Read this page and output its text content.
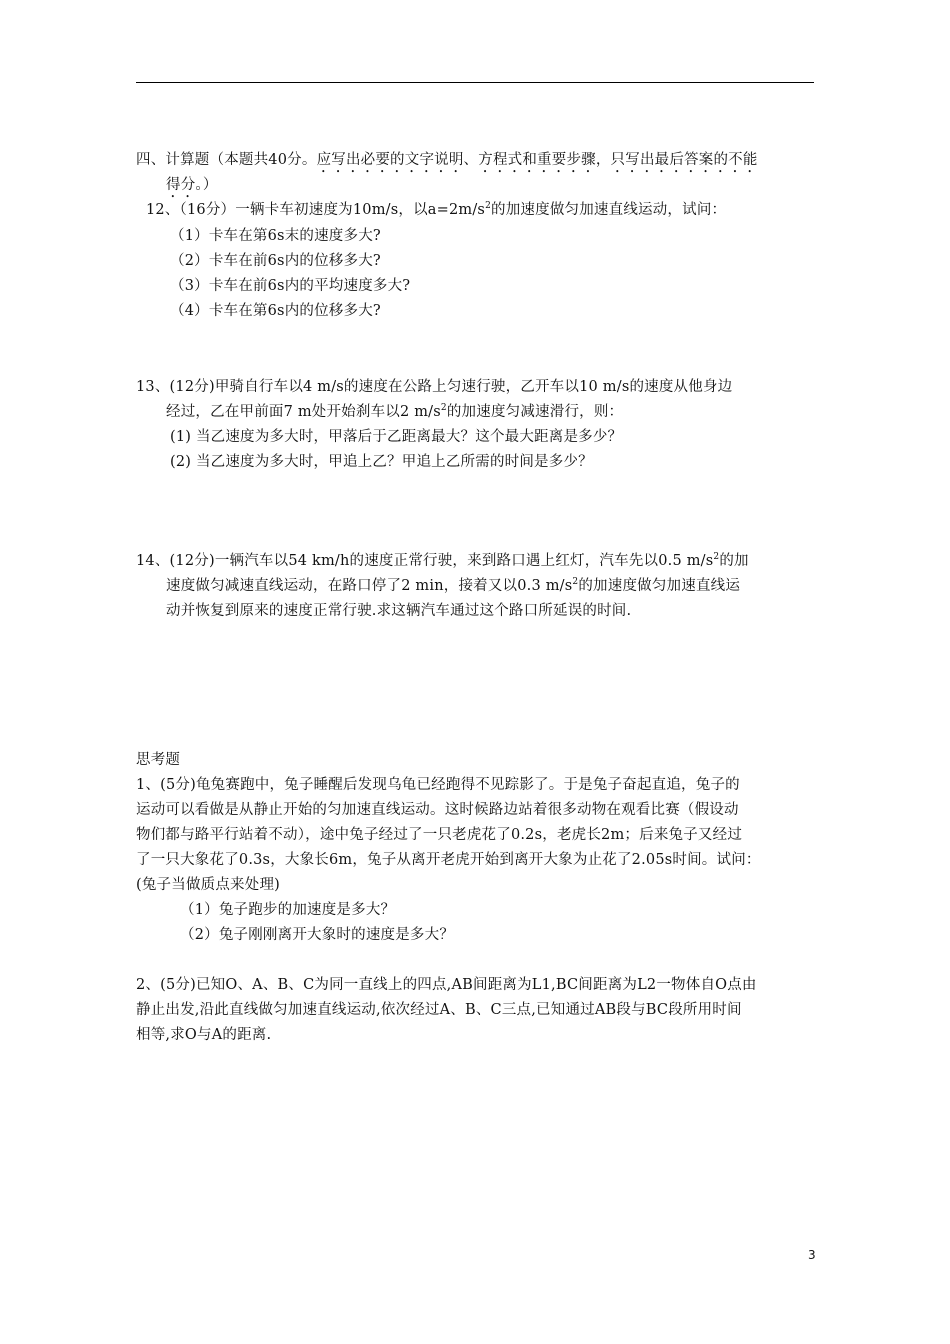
四、计算题（本题共40分。应写出必要的文字说明、方程式和重要步骤，只写出最后答案的不能
得分。）
12、（16分）一辆卡车初速度为10m/s，以$a=2m/s^2$的加速度做匀加速直线运动，试问：
（1）卡车在第6s末的速度多大?
（2）卡车在前6s内的位移多大?
（3）卡车在前6s内的平均速度多大?
（4）卡车在第6s内的位移多大?
13、(12分)甲骑自行车以4 m/s的速度在公路上匀速行驶，乙开车以10 m/s的速度从他身边
经过，乙在甲前面7 m处开始刹车以2 $m/s^2$的加速度匀减速滑行，则：
(1) 当乙速度为多大时，甲落后于乙距离最大？这个最大距离是多少？
(2) 当乙速度为多大时，甲追上乙？甲追上乙所需的时间是多少？
14、(12分)一辆汽车以54 km/h的速度正常行驶，来到路口遇上红灯，汽车先以0.5 $m/s^2$的加
速度做匀减速直线运动，在路口停了2 min，接着又以0.3 $m/s^2$的加速度做匀加速直线运
动并恢复到原来的速度正常行驶.求这辆汽车通过这个路口所延误的时间.
思考题
1、(5分)龟兔赛跑中，兔子睡醒后发现乌龟已经跑得不见踪影了。于是兔子奋起直追，兔子的
运动可以看做是从静止开始的匀加速直线运动。这时候路边站着很多动物在观看比赛（假设动
物们都与路平行站着不动），途中兔子经过了一只老虎花了0.2s，老虎长2m；后来兔子又经过
了一只大象花了0.3s，大象长6m，兔子从离开老虎开始到离开大象为止花了2.05s时间。试问：
(兔子当做质点来处理)
（1）兔子跑步的加速度是多大？
（2）兔子刚刚离开大象时的速度是多大？
2、(5分)已知O、A、B、C为同一直线上的四点,AB间距离为L1,BC间距离为L2一物体自O点由
静止出发,沿此直线做匀加速直线运动,依次经过A、B、C三点,已知通过AB段与BC段所用时间
相等,求O与A的距离.
3
